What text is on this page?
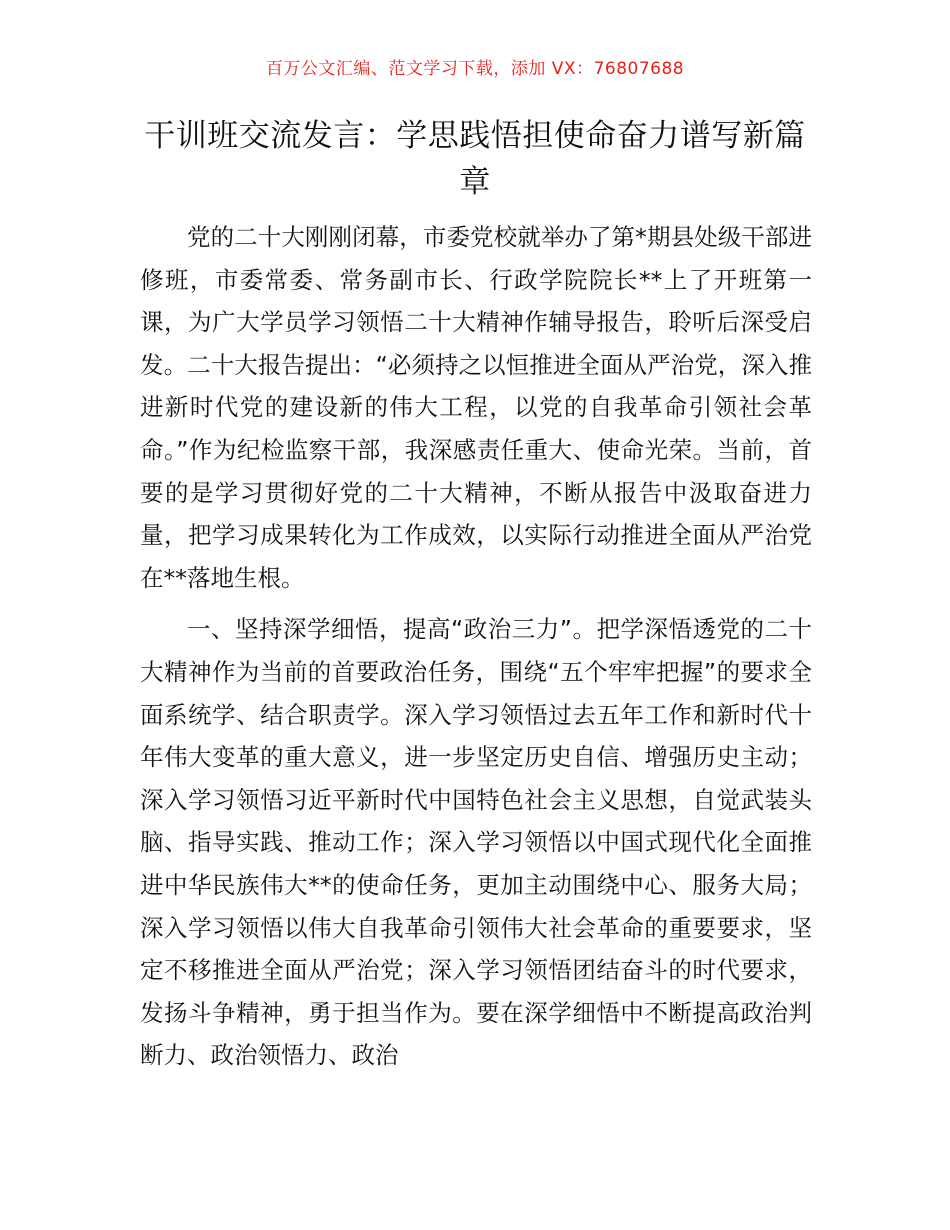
百万公文汇编、范文学习下载，添加 VX：76807688
干训班交流发言：学思践悟担使命奋力谱写新篇章

党的二十大刚刚闭幕，市委党校就举办了第*期县处级干部进修班，市委常委、常务副市长、行政学院院长**上了开班第一课，为广大学员学习领悟二十大精神作辅导报告，聆听后深受启发。二十大报告提出：“必须持之以恒推进全面从严治党，深入推进新时代党的建设新的伟大工程，以党的自我革命引领社会革命。”作为纪检监察干部，我深感责任重大、使命光荣。当前，首要的是学习贯彻好党的二十大精神，不断从报告中汲取奋进力量，把学习成果转化为工作成效，以实际行动推进全面从严治党在**落地生根。

一、坚持深学细悟，提高“政治三力”。把学深悟透党的二十大精神作为当前的首要政治任务，围绕“五个牢牢把握”的要求全面系统学、结合职责学。深入学习领悟过去五年工作和新时代十年伟大变革的重大意义，进一步坚定历史自信、增强历史主动；深入学习领悟习近平新时代中国特色社会主义思想，自觉武装头脑、指导实践、推动工作；深入学习领悟以中国式现代化全面推进中华民族伟大**的使命任务，更加主动围绕中心、服务大局；深入学习领悟以伟大自我革命引领伟大社会革命的重要要求，坚定不移推进全面从严治党；深入学习领悟团结奋斗的时代要求，发扬斗争精神，勇于担当作为。要在深学细悟中不断提高政治判断力、政治领悟力、政治
